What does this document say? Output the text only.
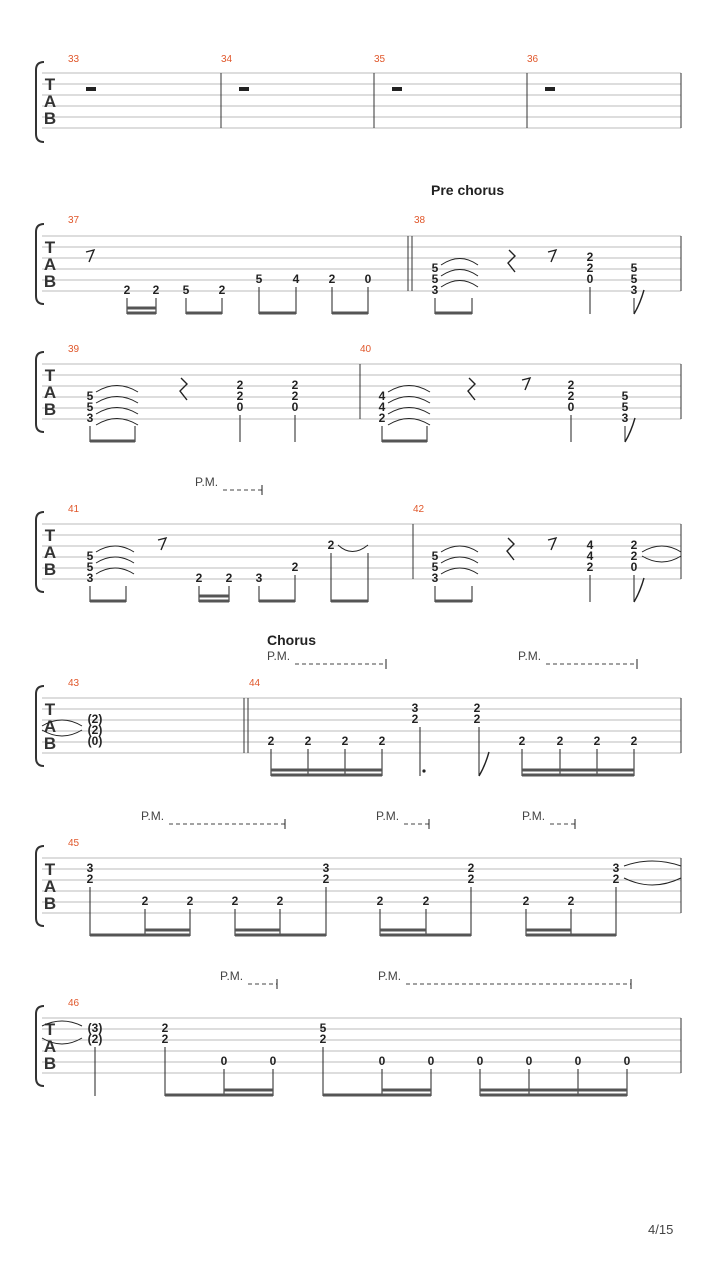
T
A
B
33	34	35	36
Pre chorus
T
A
B
37	38
2 2 5 2
5	4 2 0
5
5
3
2
2
0
5
5
3
T
A
B
39	40
5
5
3
2
2
0
2
2
0
4
4
2
2
2
0
5
5
3
P.M.
T
A
B
41	42
5
5
3	2 2 3
2
2
5
5
3
4
4
2
2
2
0
Chorus
P.M.	P.M.
T
A
B
43	44
(2)
(2)
(0)	2	2	2	2
3
2
2
2
2	2	2	2
P.M.	P.M.	P.M.
T
A
B
45
3
2
2	2	2	2
3
2
2	2
2
2
2	2
3
2
P.M.	P.M.
T
A
B
46
(3)
(2)
2
2
0	0
5
2
0	0	0	0	0	0
4/15
